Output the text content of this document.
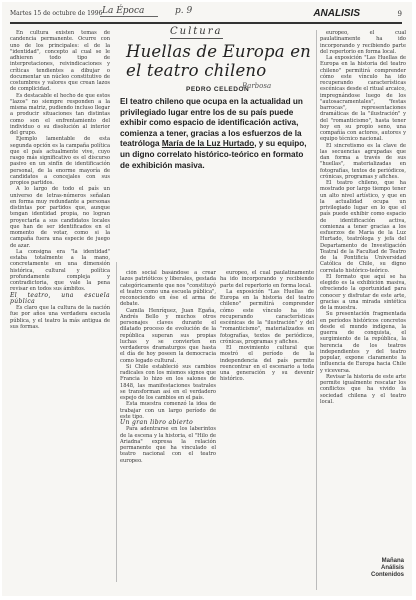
Martes 15 de octubre de 1996 La Época	p. 9	ANALISIS	9
Cultura
Huellas de Europa en el teatro chileno
PEDRO CELEDON
Barbosa
El teatro chileno que ocupa en la actualidad un privilegiado lugar entre los de su país puede exhibir como espacio de identificación activa, comienza a tener, gracias a los esfuerzos de la teatróloga María de la Luz Hurtado, y su equipo, un digno correlato histórico-teórico en formato de exhibición masiva.

En cultura existen temas de candencia permanente. Ocurre con uno de los principales: el de la "identidad", concepto al cual se le adhieren todo tipo de interpretaciones, reivindicaciones y críticas tendientes a dibujar o documentar un núcleo constitutivo de costumbres y valores que crean lazos de complicidad.

Es destacable el hecho de que estos "lazos" no siempre responden a la misma matriz, pudiendo incluso llegar a producir situaciones tan distintas como son el enfrentamiento del individuo o su disolución al interior del grupo.

Ejemplo lamentable de esta segunda opción es la campaña política que el país actualmente vive, cuyo rasgo más significativo es el discurso pasivo en un sinfín de identificación personal, de la enorme mayoría de candidatos a concejales con sus propios partidos.

A lo largo de todo el país un universo de letras-números señalan en forma muy redundante a personas distintas por partidos que, aunque tengan identidad propia, no logran proyectarla a sus candidatos locales que han de ser identificados en el momento de votar, como si la campaña fuera una especie de juego de azar.

La consigna era "la identidad" estaba totalmente a la mano, concretamente en una dimensión histórica, cultural y política profundamente compleja y contradictoria, que vale la pena revisar en todos sus ámbitos.

El teatro, una escuela pública

Es claro que la cultura de la nación fue por años una verdadera escuela pública, y el teatro la más antigua de sus formas.

ción social basándose a crear lazos patrióticos y liberales, gestada categóricamente que nos "constituyó el teatro como una escuela pública", reconociendo en ése el arma de debate.

Camila Henríquez, Juan Egaña, Andrés Bello y muchos otros personajes claves durante el dilatado proceso de evolución de la república superan sus propias luchas y se convierten en verdaderos dramaturgos que hasta el día de hoy poseen la democracia como legado cultural.

Si Chile estableció sus cambios radicales con los mismos signos que Francia lo hizo en los salones de 1848, las manifestaciones teatrales se transforman así en el verdadero espejo de los cambios en el país.

Esta muestra comenzó la idea de trabajar con un largo período de este tipo.

Un gran libro abierto

Para adentrarse en los laberintos de la escena y la historia, el "Hilo de Ariadna" expresa la relación permanente que ha vinculado el teatro nacional con el teatro europeo.

europeo, el cual paulatinamente ha ido incorporando y recibiendo parte del repertorio en forma local.

La exposición "Las Huellas de Europa en la historia del teatro chileno" permitirá comprender cómo este vínculo ha ido recuperando características escénicas de la "ilustración" y del "romanticismo", materializados en fotografías, textos de periódicos, crónicas, programas y afiches.

El movimiento cultural que mostró el período de la independencia del país permite reencontrar en el escenario a toda una generación y su devenir histórico.

europeo, el cual paulatinamente ha ido incorporando y recibiendo parte del repertorio en forma local.

La exposición "Las Huellas de Europa en la historia del teatro chileno" permitirá comprender cómo este vínculo ha ido recuperando características escénicas desde el ritual arcaico, impregnándose luego de los "autosacramentales", "festas barrocas", representaciones dramáticas de la "ilustración" y del "romanticismo", hasta tener hoy en su propio seno, una compañía con actores, autores y equipo técnico nacional.

El sincretismo es la clave de las secuencias agrupadas que dan forma a través de sus "huellas", materializadas en fotografías, textos de periódicos, crónicas, programas y afiches.

El teatro chileno, que ha mostrado por largo tiempo tener un alto nivel artístico, y que en la actualidad ocupa un privilegiado lugar en lo que el país puede exhibir como espacio de identificación activa, comienza a tener gracias a los esfuerzos de María de la Luz Hurtado, teatróloga y jefa del Departamento de Investigación Teatral de la Facultad de Teatro de la Pontificia Universidad Católica de Chile, su digno correlato histórico-teórico.

El formato que aquí se ha elegido es la exhibición masiva, ofreciendo la oportunidad para conocer y disfrutar de este arte, gracias a una mirada sintética de la muestra.

Su presentación fragmentada en períodos históricos concretos desde el mundo indígena, la guerra de conquista, el surgimiento de la república, la herencia de los teatros independientes y del teatro popular, expone claramente la influencia de Europa hacia Chile y viceversa.

Revisar la historia de este arte permite igualmente rescatar los conflictos que ha vivido la sociedad chilena y el teatro local.

Mañana
Análisis
Contenidos
